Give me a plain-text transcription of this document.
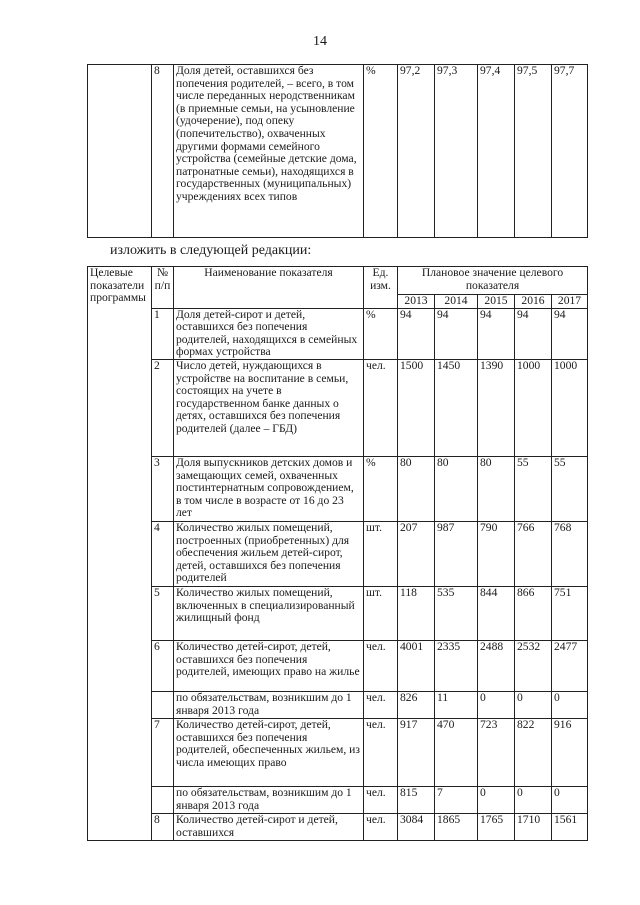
14
	8	Доля детей, оставшихся без попечения родителей, – всего, в том числе переданных неродственникам (в приемные семьи, на усыновление (удочерение), под опеку (попечительство), охваченных другими формами семейного устройства (семейные детские дома, патронатные семьи), находящихся в государственных (муниципальных) учреждениях всех типов	%	97,2	97,3	97,4	97,5	97,7
изложить в следующей редакции:
Целевые показатели программы	№ п/п	Наименование показателя	Ед. изм.	Плановое значение целевого показателя				
				2013	2014	2015	2016	2017
	1	Доля детей-сирот и детей, оставшихся без попечения родителей, находящихся в семейных формах устройства	%	94	94	94	94	94
	2	Число детей, нуждающихся в устройстве на воспитание в семьи, состоящих на учете в государственном банке данных о детях, оставшихся без попечения родителей (далее – ГБД)	чел.	1500	1450	1390	1000	1000
	3	Доля выпускников детских домов и замещающих семей, охваченных постинтернатным сопровождением, в том числе в возрасте от 16 до 23 лет	%	80	80	80	55	55
	4	Количество жилых помещений, построенных (приобретенных) для обеспечения жильем детей-сирот, детей, оставшихся без попечения родителей	шт.	207	987	790	766	768
	5	Количество жилых помещений, включенных в специализированный жилищный фонд	шт.	118	535	844	866	751
	6	Количество детей-сирот, детей, оставшихся без попечения родителей, имеющих право на жилье	чел.	4001	2335	2488	2532	2477
		по обязательствам, возникшим до 1 января 2013 года	чел.	826	11	0	0	0
	7	Количество детей-сирот, детей, оставшихся без попечения родителей, обеспеченных жильем, из числа имеющих право	чел.	917	470	723	822	916
		по обязательствам, возникшим до 1 января 2013 года	чел.	815	7	0	0	0
	8	Количество детей-сирот и детей, оставшихся	чел.	3084	1865	1765	1710	1561
